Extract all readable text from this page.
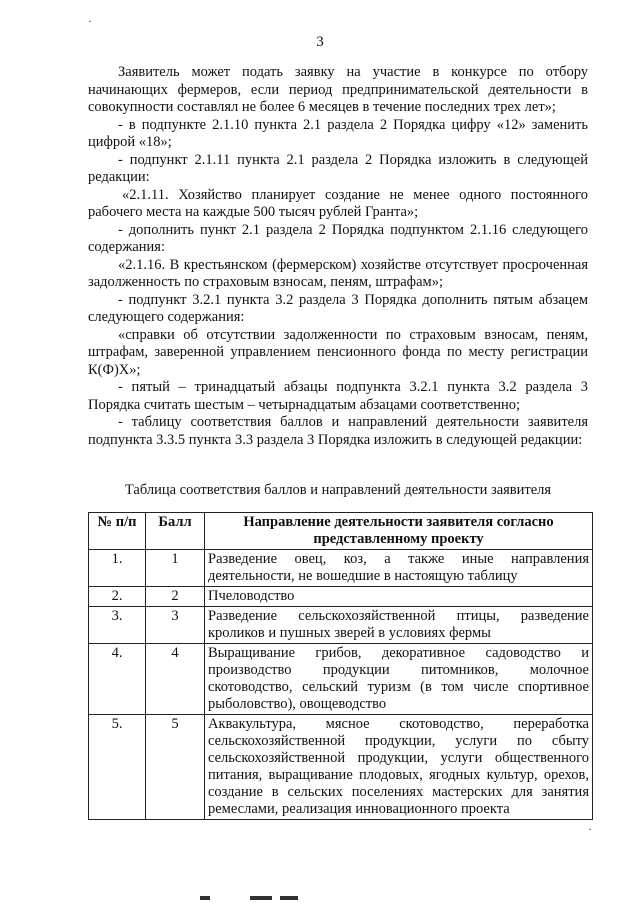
·
3

Заявитель может подать заявку на участие в конкурсе по отбору начинающих фермеров, если период предпринимательской деятельности в совокупности составлял не более 6 месяцев в течение последних трех лет»;

- в подпункте 2.1.10 пункта 2.1 раздела 2 Порядка цифру «12» заменить цифрой «18»;

- подпункт 2.1.11 пункта 2.1 раздела 2 Порядка изложить в следующей редакции:

«2.1.11. Хозяйство планирует создание не менее одного постоянного рабочего места на каждые 500 тысяч рублей Гранта»;

- дополнить пункт 2.1 раздела 2 Порядка подпунктом 2.1.16 следующего содержания:

«2.1.16. В крестьянском (фермерском) хозяйстве отсутствует просроченная задолженность по страховым взносам, пеням, штрафам»;

- подпункт 3.2.1 пункта 3.2 раздела 3 Порядка дополнить пятым абзацем следующего содержания:

«справки об отсутствии задолженности по страховым взносам, пеням, штрафам, заверенной управлением пенсионного фонда по месту регистрации К(Ф)Х»;

- пятый – тринадцатый абзацы подпункта 3.2.1 пункта 3.2 раздела 3 Порядка считать шестым – четырнадцатым абзацами соответственно;

- таблицу соответствия баллов и направлений деятельности заявителя подпункта 3.3.5 пункта 3.3 раздела 3 Порядка изложить в следующей редакции:

Таблица соответствия баллов и направлений деятельности заявителя
№ п/п	Балл	Направление деятельности заявителя согласно представленному проекту
1.	1	Разведение овец, коз, а также иные направления деятельности, не вошедшие в настоящую таблицу
2.	2	Пчеловодство
3.	3	Разведение сельскохозяйственной птицы, разведение кроликов и пушных зверей в условиях фермы
4.	4	Выращивание грибов, декоративное садоводство и производство продукции питомников, молочное скотоводство, сельский туризм (в том числе спортивное рыболовство), овощеводство
5.	5	Аквакультура, мясное скотоводство, переработка сельскохозяйственной продукции, услуги по сбыту сельскохозяйственной продукции, услуги общественного питания, выращивание плодовых, ягодных культур, орехов, создание в сельских поселениях мастерских для занятия ремеслами, реализация инновационного проекта
·
